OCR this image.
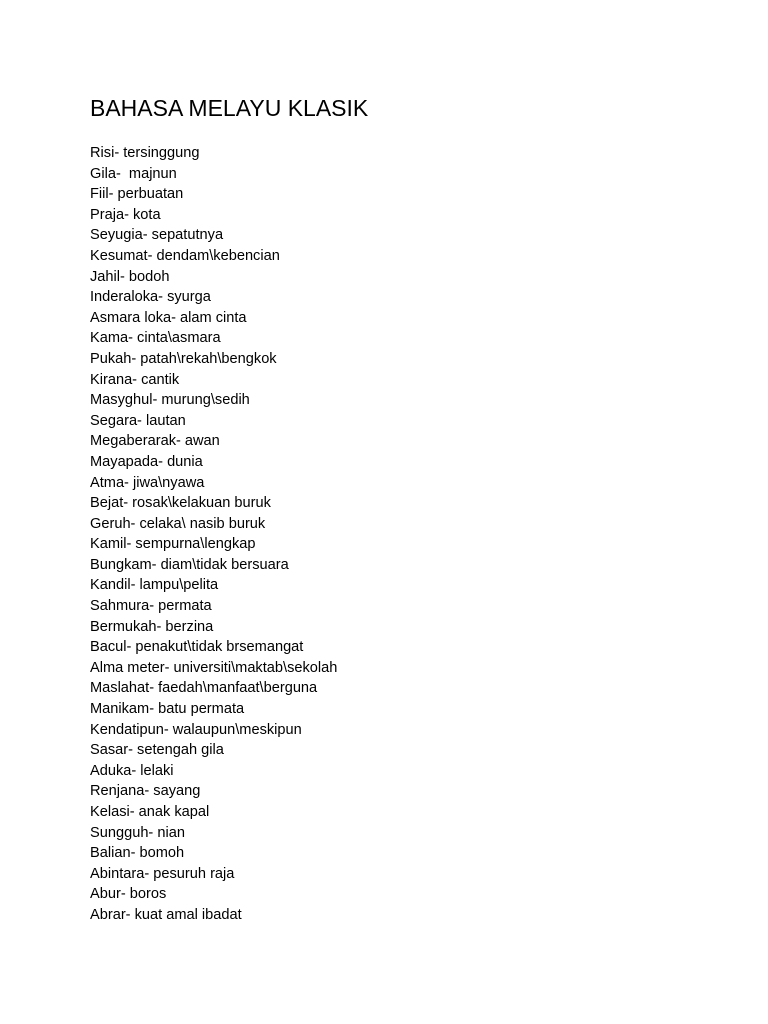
BAHASA MELAYU KLASIK
Risi- tersinggung
Gila-  majnun
Fiil- perbuatan
Praja- kota
Seyugia- sepatutnya
Kesumat- dendam\kebencian
Jahil- bodoh
Inderaloka- syurga
Asmara loka- alam cinta
Kama- cinta\asmara
Pukah- patah\rekah\bengkok
Kirana- cantik
Masyghul- murung\sedih
Segara- lautan
Megaberarak- awan
Mayapada- dunia
Atma- jiwa\nyawa
Bejat- rosak\kelakuan buruk
Geruh- celaka\ nasib buruk
Kamil- sempurna\lengkap
Bungkam- diam\tidak bersuara
Kandil- lampu\pelita
Sahmura- permata
Bermukah- berzina
Bacul- penakut\tidak brsemangat
Alma meter- universiti\maktab\sekolah
Maslahat- faedah\manfaat\berguna
Manikam- batu permata
Kendatipun- walaupun\meskipun
Sasar- setengah gila
Aduka- lelaki
Renjana- sayang
Kelasi- anak kapal
Sungguh- nian
Balian- bomoh
Abintara- pesuruh raja
Abur- boros
Abrar- kuat amal ibadat
